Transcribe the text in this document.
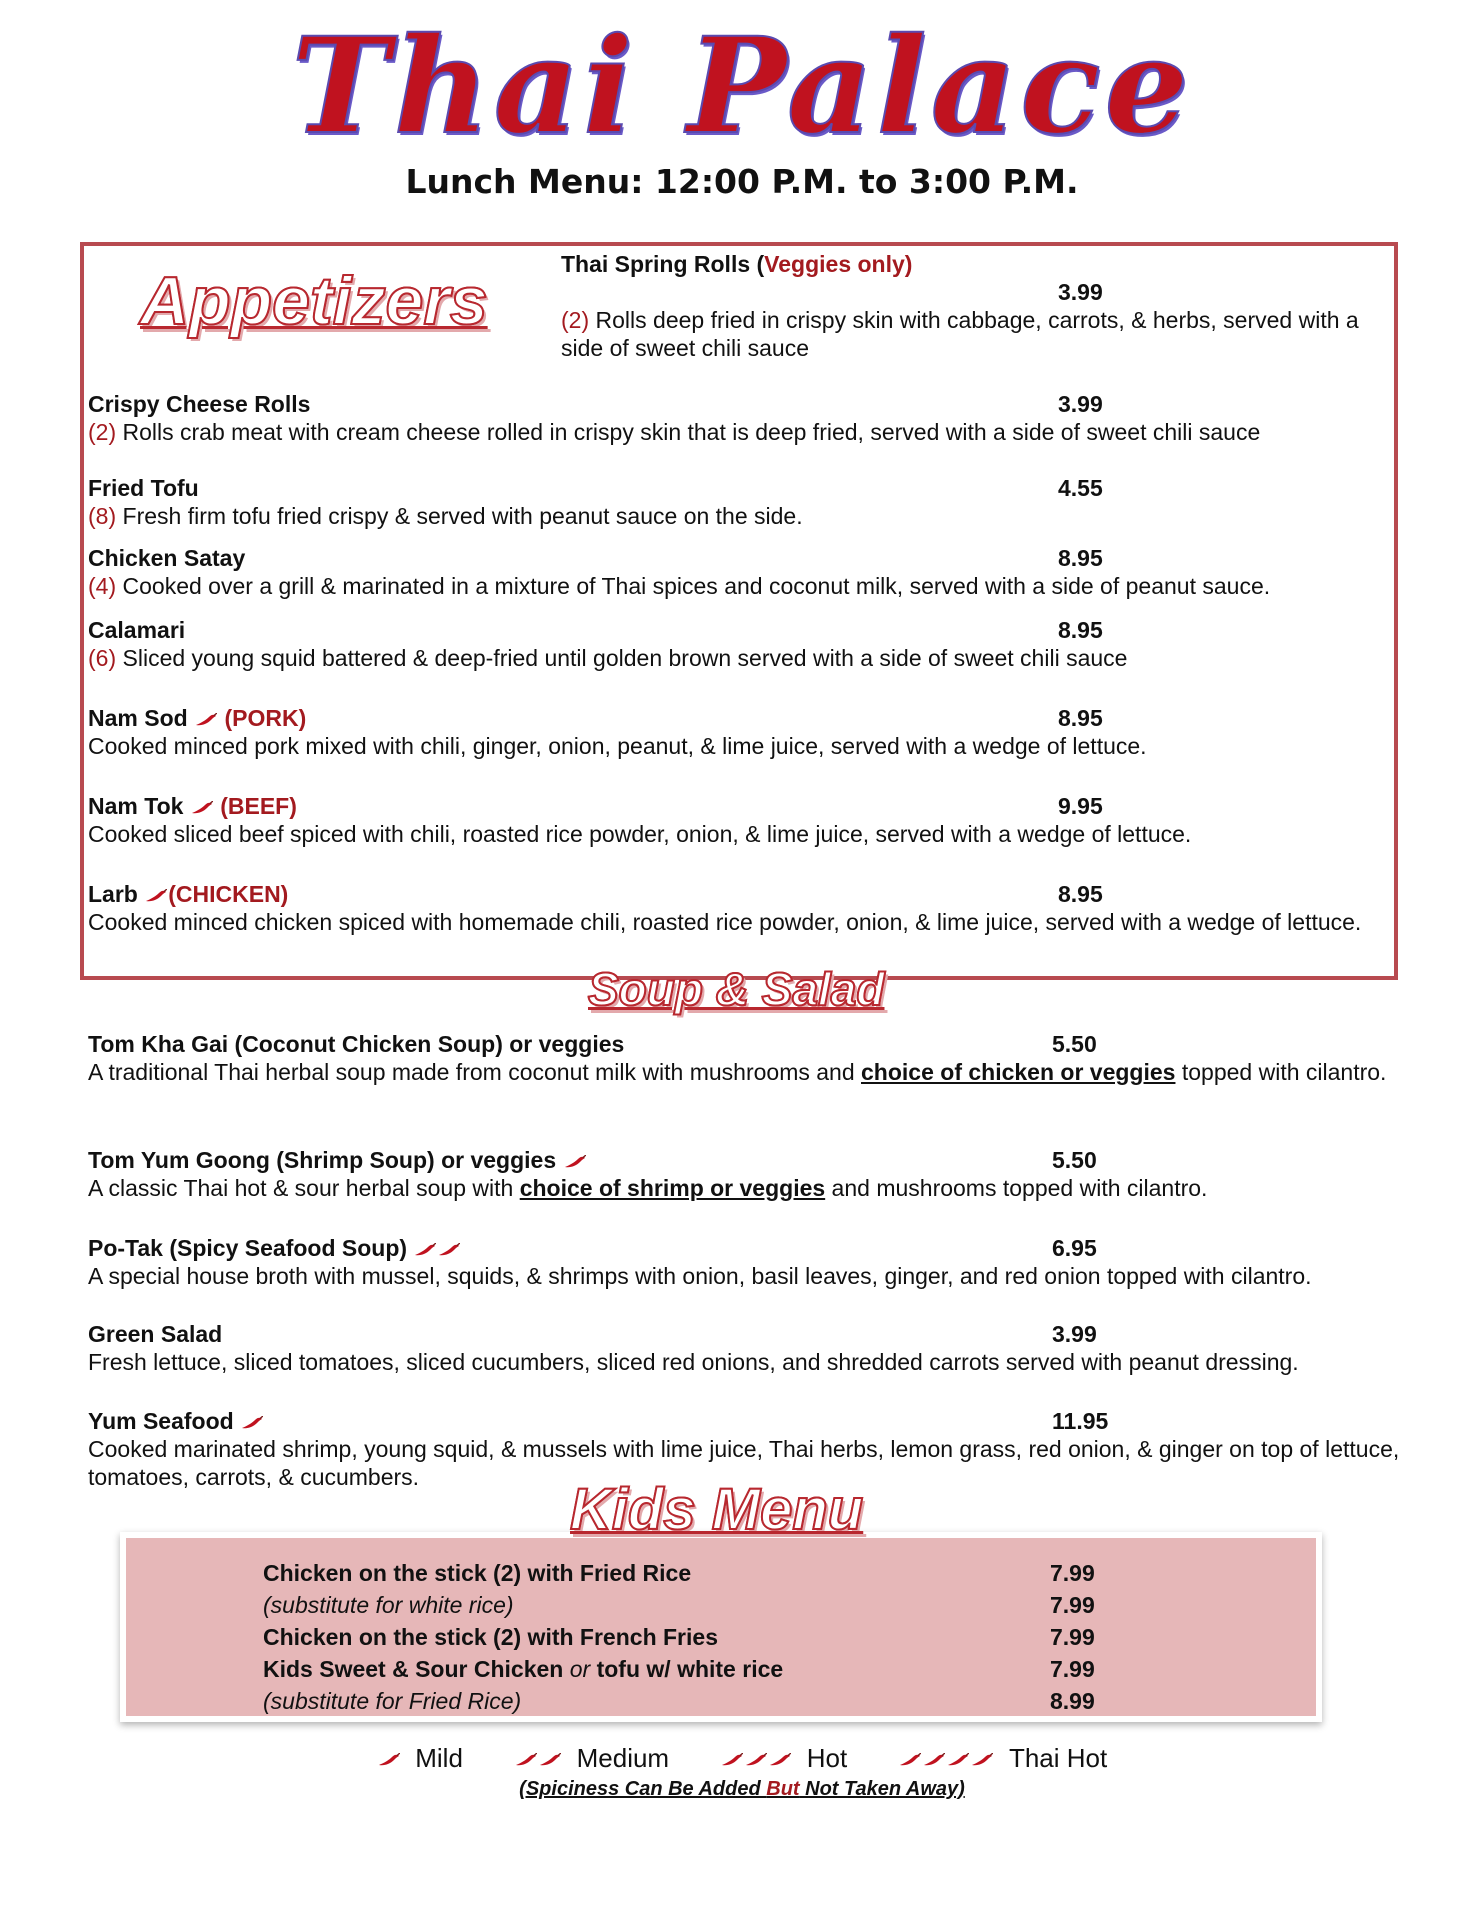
Thai Palace
Lunch Menu: 12:00 P.M. to 3:00 P.M.
Appetizers	Thai Spring Rolls (Veggies only)
3.99
(2) Rolls deep fried in crispy skin with cabbage, carrots, & herbs, served with a side of sweet chili sauce
Crispy Cheese Rolls	3.99
(2) Rolls crab meat with cream cheese rolled in crispy skin that is deep fried, served with a side of sweet chili sauce
Fried Tofu	4.55
(8) Fresh firm tofu fried crispy & served with peanut sauce on the side.
Chicken Satay	8.95
(4) Cooked over a grill & marinated in a mixture of Thai spices and coconut milk, served with a side of peanut sauce.
Calamari	8.95
(6) Sliced young squid battered & deep-fried until golden brown served with a side of sweet chili sauce
Nam Sod (PORK)	8.95
Cooked minced pork mixed with chili, ginger, onion, peanut, & lime juice, served with a wedge of lettuce.
Nam Tok (BEEF)	9.95
Cooked sliced beef spiced with chili, roasted rice powder, onion, & lime juice, served with a wedge of lettuce.
Larb (CHICKEN)	8.95
Cooked minced chicken spiced with homemade chili, roasted rice powder, onion, & lime juice, served with a wedge of lettuce.
Soup & Salad
Tom Kha Gai (Coconut Chicken Soup) or veggies	5.50
A traditional Thai herbal soup made from coconut milk with mushrooms and choice of chicken or veggies topped with cilantro.
Tom Yum Goong (Shrimp Soup) or veggies	5.50
A classic Thai hot & sour herbal soup with choice of shrimp or veggies and mushrooms topped with cilantro.
Po-Tak (Spicy Seafood Soup)	6.95
A special house broth with mussel, squids, & shrimps with onion, basil leaves, ginger, and red onion topped with cilantro.
Green Salad	3.99
Fresh lettuce, sliced tomatoes, sliced cucumbers, sliced red onions, and shredded carrots served with peanut dressing.
Yum Seafood	11.95
Cooked marinated shrimp, young squid, & mussels with lime juice, Thai herbs, lemon grass, red onion, & ginger on top of lettuce, tomatoes, carrots, & cucumbers.	Kids Menu
Chicken on the stick (2) with Fried Rice	7.99
(substitute for white rice)	7.99
Chicken on the stick (2) with French Fries	7.99
Kids Sweet & Sour Chicken or tofu w/ white rice	7.99
(substitute for Fried Rice)	8.99
Mild	Medium	Hot	Thai Hot
(Spiciness Can Be Added But Not Taken Away)
